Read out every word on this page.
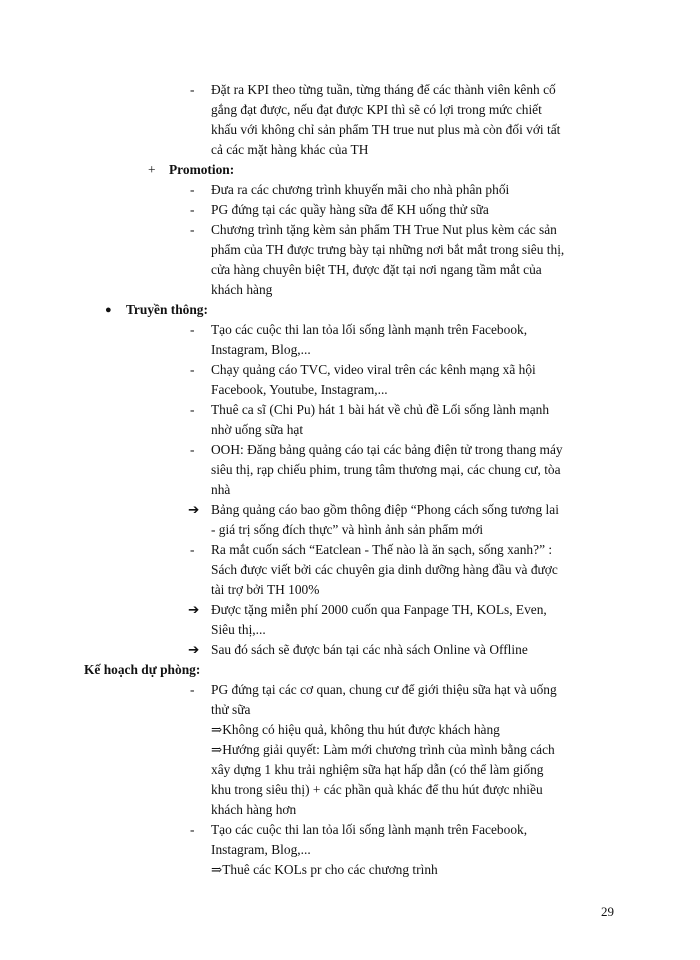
- Đặt ra KPI theo từng tuần, từng tháng để các thành viên kênh cố
gắng đạt được, nếu đạt được KPI thì sẽ có lợi trong mức chiết
khấu với không chỉ sản phẩm TH true nut plus mà còn đối với tất
cả các mặt hàng khác của TH
+ Promotion:
- Đưa ra các chương trình khuyến mãi cho nhà phân phối
- PG đứng tại các quầy hàng sữa để KH uống thử sữa
- Chương trình tặng kèm sản phẩm TH True Nut plus kèm các sản
phẩm của TH được trưng bày tại những nơi bắt mắt trong siêu thị,
cửa hàng chuyên biệt TH, được đặt tại nơi ngang tầm mắt của
khách hàng
● Truyền thông:
- Tạo các cuộc thi lan tỏa lối sống lành mạnh trên Facebook,
Instagram, Blog,...
- Chạy quảng cáo TVC, video viral trên các kênh mạng xã hội
Facebook, Youtube, Instagram,...
- Thuê ca sĩ (Chi Pu) hát 1 bài hát về chủ đề Lối sống lành mạnh
nhờ uống sữa hạt
- OOH: Đăng bảng quảng cáo tại các bảng điện tử trong thang máy
siêu thị, rạp chiếu phim, trung tâm thương mại, các chung cư, tòa
nhà
➔ Bảng quảng cáo bao gồm thông điệp “Phong cách sống tương lai
- giá trị sống đích thực” và hình ảnh sản phẩm mới
- Ra mắt cuốn sách “Eatclean - Thế nào là ăn sạch, sống xanh?” :
Sách được viết bởi các chuyên gia dinh dưỡng hàng đầu và được
tài trợ bởi TH 100%
➔ Được tặng miễn phí 2000 cuốn qua Fanpage TH, KOLs, Even,
Siêu thị,...
➔ Sau đó sách sẽ được bán tại các nhà sách Online và Offline
Kế hoạch dự phòng:
- PG đứng tại các cơ quan, chung cư để giới thiệu sữa hạt và uống
thử sữa
⇒Không có hiệu quả, không thu hút được khách hàng
⇒Hướng giải quyết: Làm mới chương trình của mình bằng cách
xây dựng 1 khu trải nghiệm sữa hạt hấp dẫn (có thể làm giống
khu trong siêu thị) + các phần quà khác để thu hút được nhiều
khách hàng hơn
- Tạo các cuộc thi lan tỏa lối sống lành mạnh trên Facebook,
Instagram, Blog,...
⇒Thuê các KOLs pr cho các chương trình
29
